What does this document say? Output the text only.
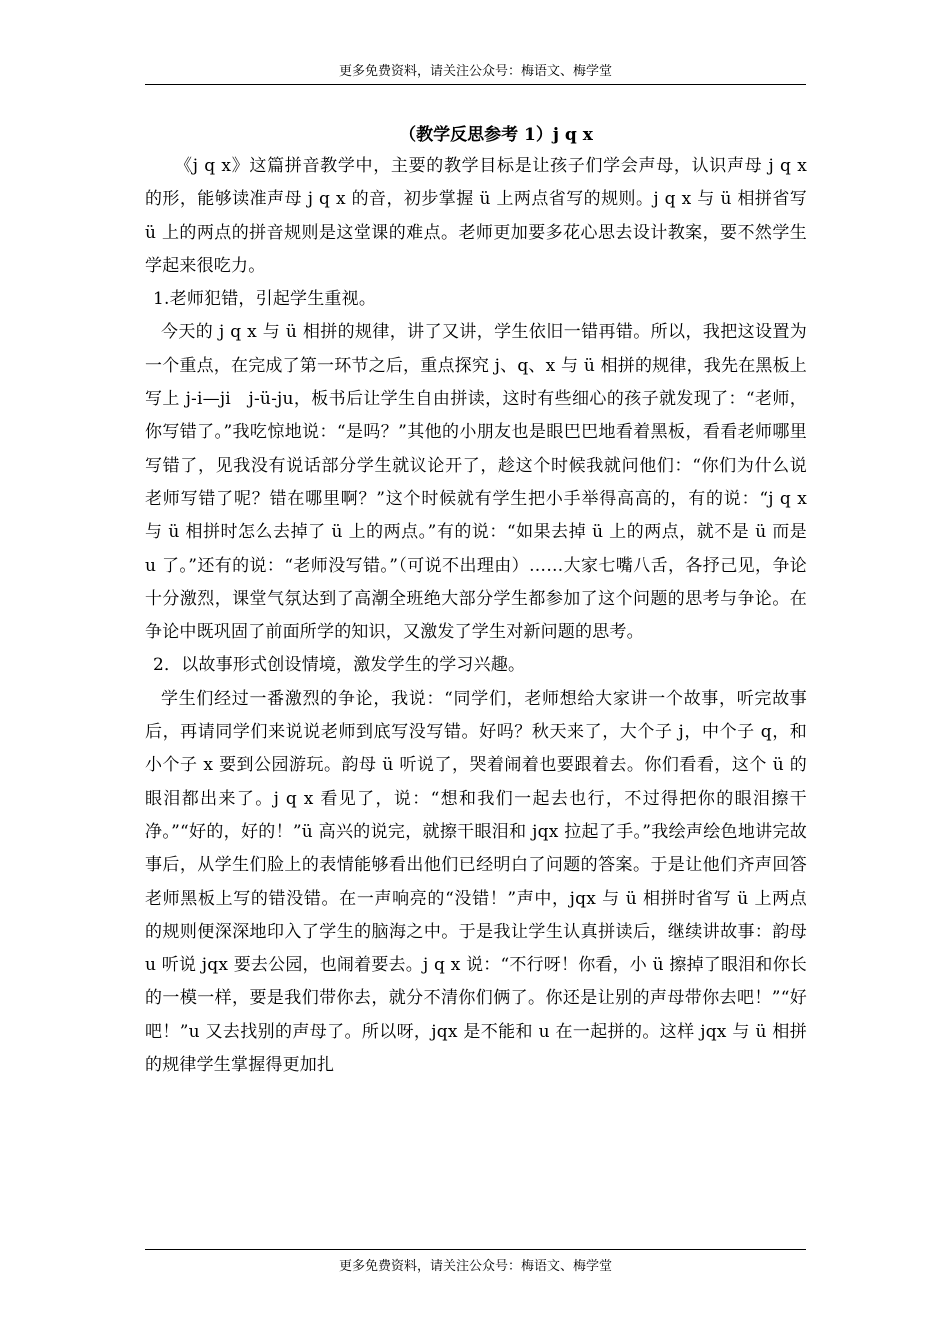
更多免费资料，请关注公众号：梅语文、梅学堂
（教学反思参考 1）j q x

《j q x》这篇拼音教学中，主要的教学目标是让孩子们学会声母，认识声母 j q x 的形，能够读准声母 j q x 的音，初步掌握 ü 上两点省写的规则。j q x 与 ü 相拼省写 ü 上的两点的拼音规则是这堂课的难点。老师更加要多花心思去设计教案，要不然学生学起来很吃力。

1.老师犯错，引起学生重视。

今天的 j q x 与 ü 相拼的规律，讲了又讲，学生依旧一错再错。所以，我把这设置为一个重点，在完成了第一环节之后，重点探究 j、q、x 与 ü 相拼的规律，我先在黑板上写上 j-i—ji　j-ü-ju，板书后让学生自由拼读，这时有些细心的孩子就发现了：“老师，你写错了。”我吃惊地说：“是吗？”其他的小朋友也是眼巴巴地看着黑板，看看老师哪里写错了，见我没有说话部分学生就议论开了，趁这个时候我就问他们：“你们为什么说老师写错了呢？错在哪里啊？”这个时候就有学生把小手举得高高的，有的说：“j q x 与 ü 相拼时怎么去掉了 ü 上的两点。”有的说：“如果去掉 ü 上的两点，就不是 ü 而是 u 了。”还有的说：“老师没写错。”（可说不出理由）……大家七嘴八舌，各抒己见，争论十分激烈，课堂气氛达到了高潮全班绝大部分学生都参加了这个问题的思考与争论。在争论中既巩固了前面所学的知识，又激发了学生对新问题的思考。

2．以故事形式创设情境，激发学生的学习兴趣。

学生们经过一番激烈的争论，我说：“同学们，老师想给大家讲一个故事，听完故事后，再请同学们来说说老师到底写没写错。好吗？秋天来了，大个子 j，中个子 q，和小个子 x 要到公园游玩。韵母 ü 听说了，哭着闹着也要跟着去。你们看看，这个 ü 的眼泪都出来了。j q x 看见了，说：“想和我们一起去也行，不过得把你的眼泪擦干净。”“好的，好的！”ü 高兴的说完，就擦干眼泪和 jqx 拉起了手。”我绘声绘色地讲完故事后，从学生们脸上的表情能够看出他们已经明白了问题的答案。于是让他们齐声回答老师黑板上写的错没错。在一声响亮的“没错！”声中，jqx 与 ü 相拼时省写 ü 上两点的规则便深深地印入了学生的脑海之中。于是我让学生认真拼读后，继续讲故事：韵母 u 听说 jqx 要去公园，也闹着要去。j q x 说：“不行呀！你看，小 ü 擦掉了眼泪和你长的一模一样，要是我们带你去，就分不清你们俩了。你还是让别的声母带你去吧！”“好吧！”u 又去找别的声母了。所以呀，jqx 是不能和 u 在一起拼的。这样 jqx 与 ü 相拼的规律学生掌握得更加扎

更多免费资料，请关注公众号：梅语文、梅学堂
